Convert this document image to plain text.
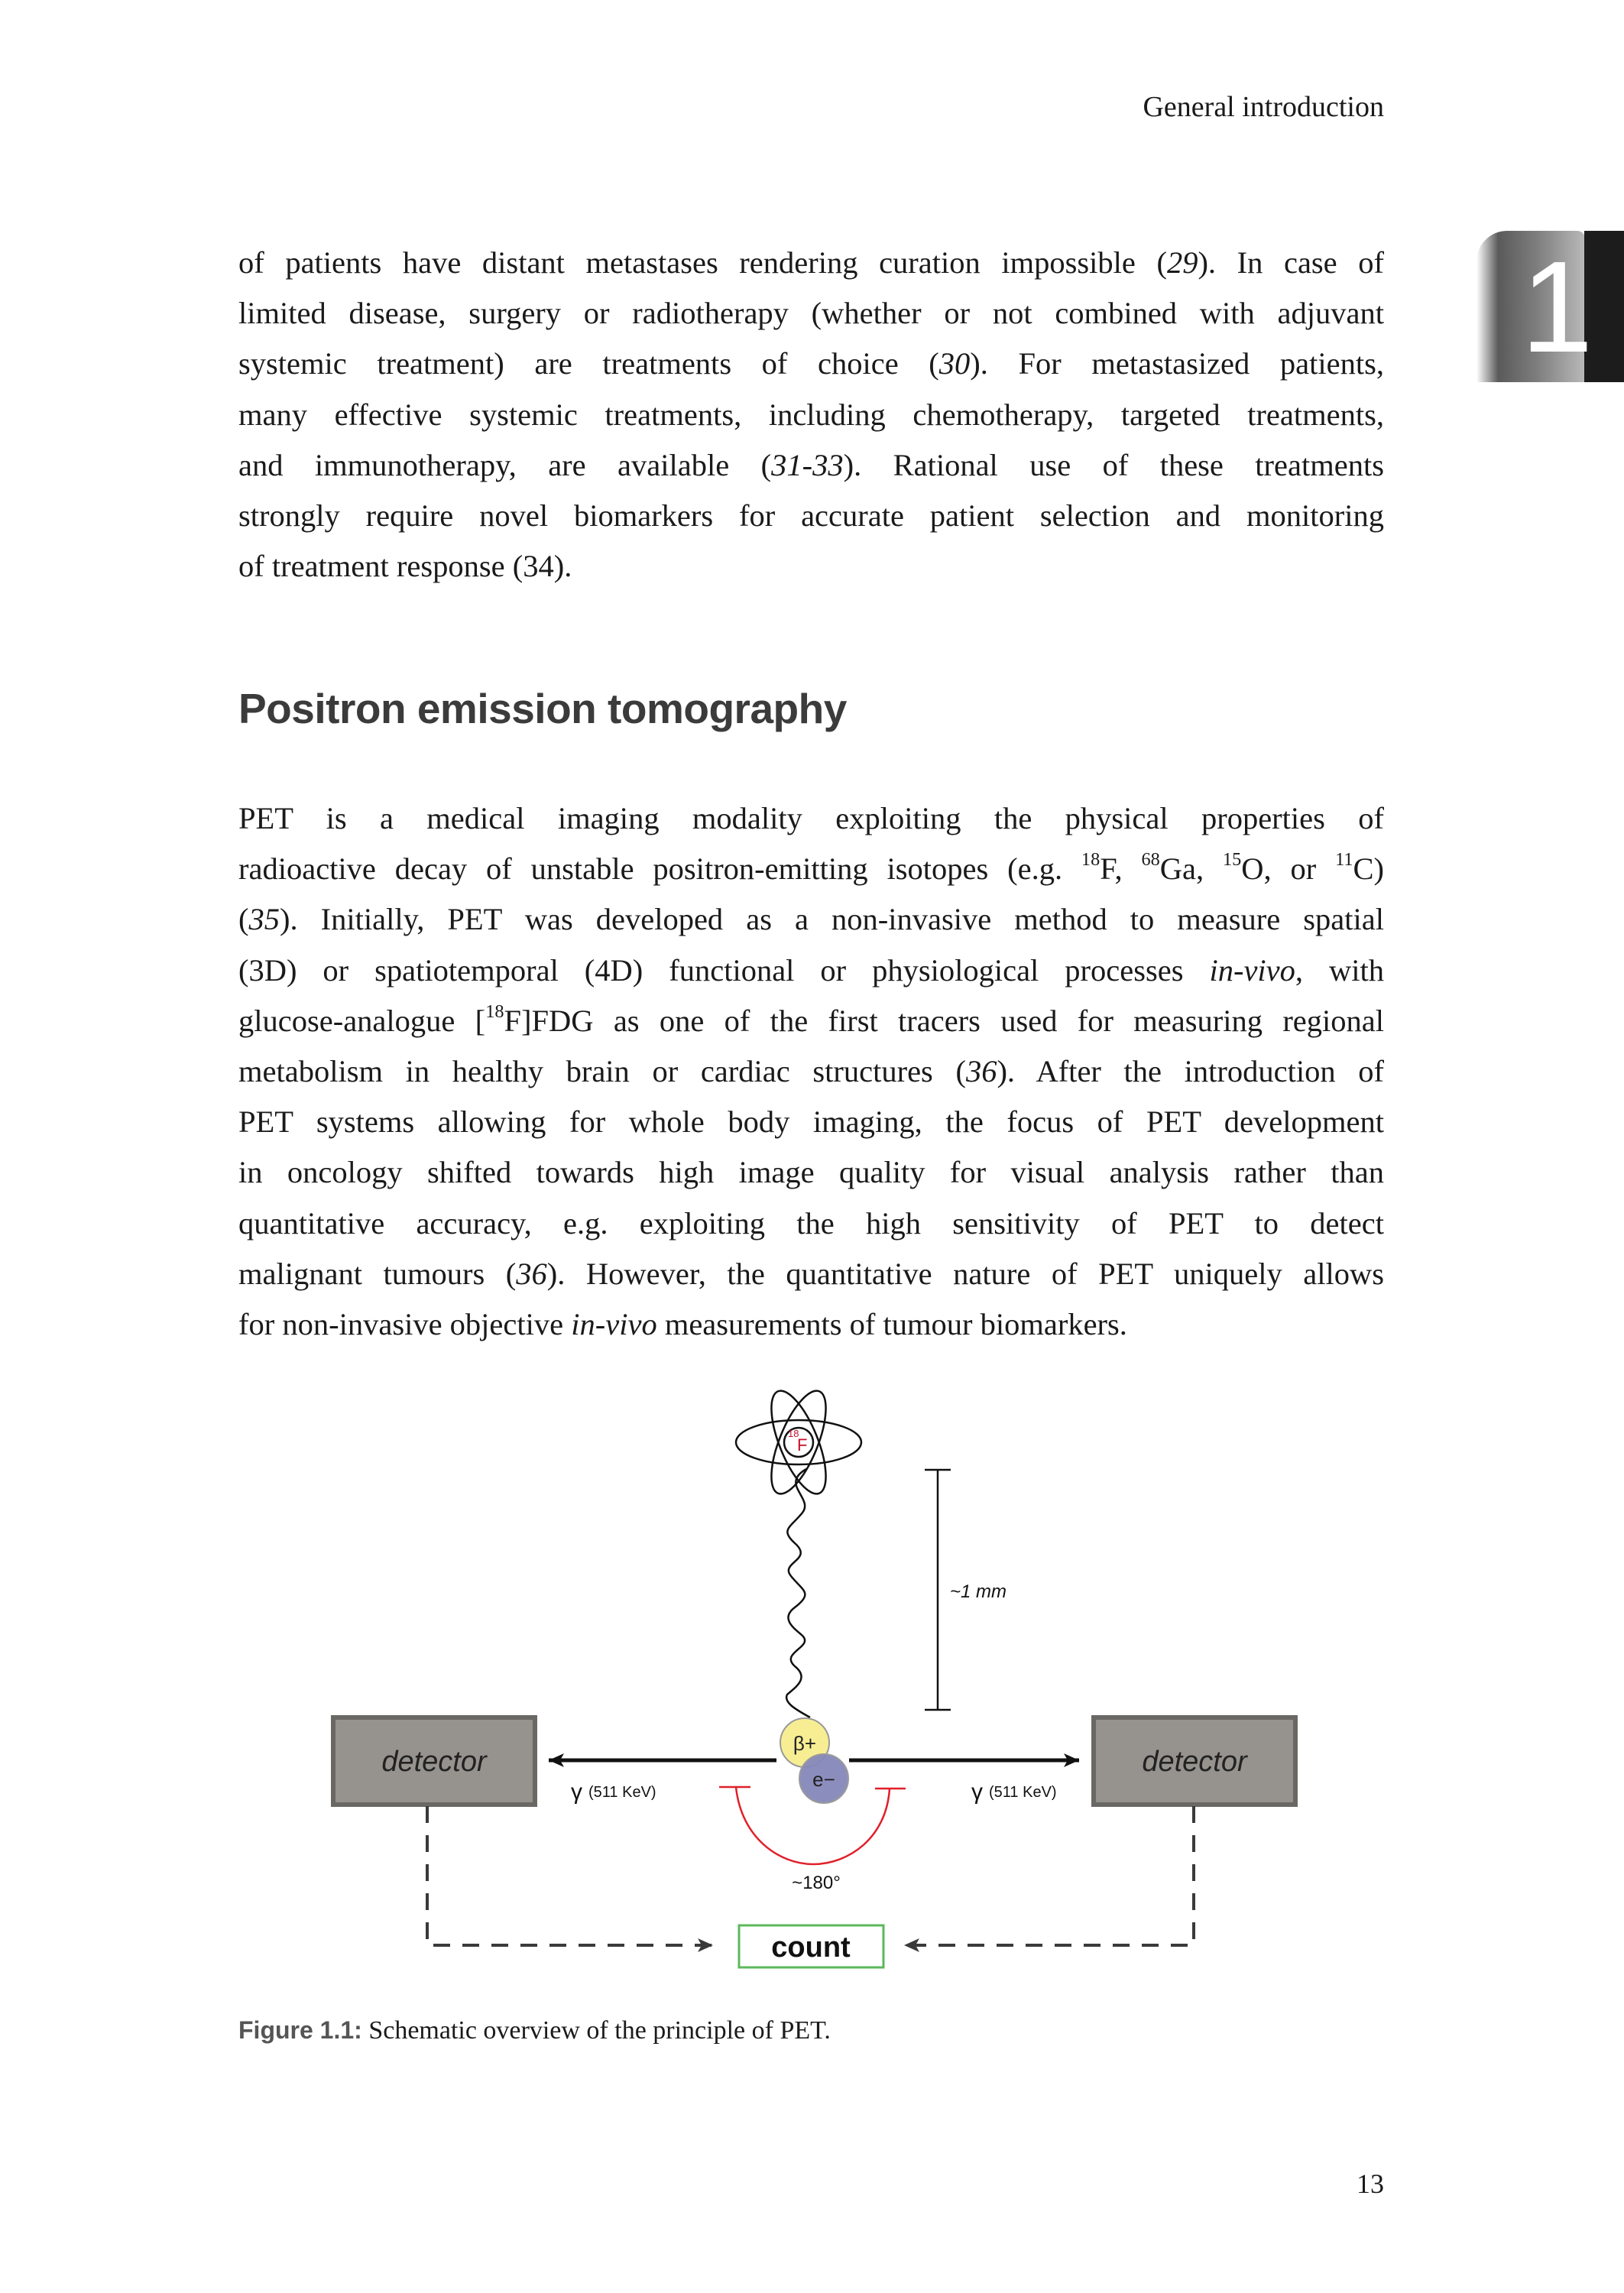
General introduction
1
of patients have distant metastases rendering curation impossible (29). In case of
limited disease, surgery or radiotherapy (whether or not combined with adjuvant
systemic treatment) are treatments of choice (30). For metastasized patients,
many effective systemic treatments, including chemotherapy, targeted treatments,
and immunotherapy, are available (31-33). Rational use of these treatments
strongly require novel biomarkers for accurate patient selection and monitoring
of treatment response (34).
Positron emission tomography
PET is a medical imaging modality exploiting the physical properties of
radioactive decay of unstable positron-emitting isotopes (e.g. $^{18}$F, $^{68}$Ga, $^{15}$O, or $^{11}$C)
(35). Initially, PET was developed as a non-invasive method to measure spatial
(3D) or spatiotemporal (4D) functional or physiological processes in-vivo, with
glucose-analogue [$^{18}$F]FDG as one of the first tracers used for measuring regional
metabolism in healthy brain or cardiac structures (36). After the introduction of
PET systems allowing for whole body imaging, the focus of PET development
in oncology shifted towards high image quality for visual analysis rather than
quantitative accuracy, e.g. exploiting the high sensitivity of PET to detect
malignant tumours (36). However, the quantitative nature of PET uniquely allows
for non-invasive objective in-vivo measurements of tumour biomarkers.
18
F
~1 mm
detector	detector
β+
e−
γ (511 KeV)	γ (511 KeV)
~180°
count
Figure 1.1: Schematic overview of the principle of PET.
13
